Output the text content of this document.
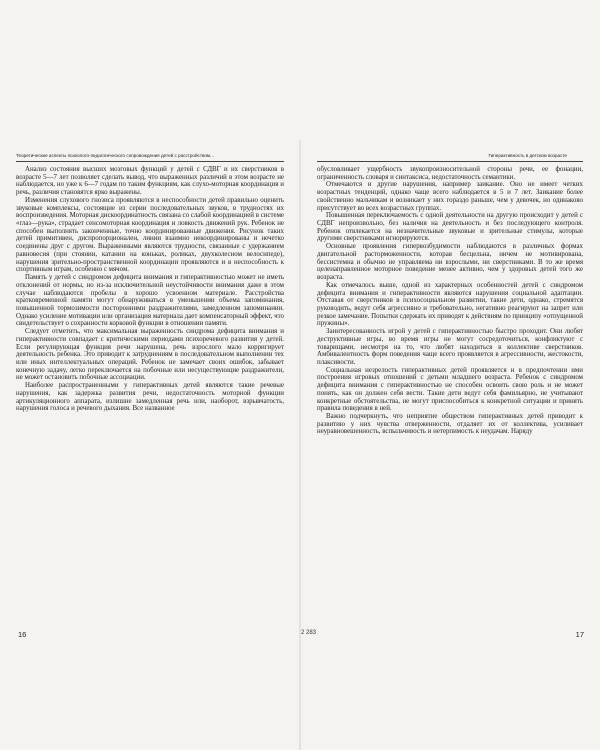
Теоретические аспекты психолого-педагогического сопровождения детей с расстройством...

Анализ состояния высших мозговых функций у детей с СДВГ и их сверстников в возрасте 5—7 лет позволяет сделать вывод, что выраженных различий в этом возрасте не наблюдается, но уже к 6—7 годам по таким функциям, как слухо-моторная координация и речь, различия становятся ярко выражены.

Изменения слухового гнозиса проявляются в неспособности детей правильно оценить звуковые комплексы, состоящие из серии последовательных звуков, в трудностях их воспроизведения. Моторная дискоординатность связана со слабой координацией в системе «глаз—рука», страдает сенсомоторная координация и ловкость движений рук. Ребенок не способен выполнять законченные, точно координированные движения. Рисунок таких детей примитивен, диспропорционален, линии взаимно некоординированы и нечетко соединены друг с другом. Выраженными являются трудности, связанные с удержанием равновесия (при стоянии, катании на коньках, роликах, двухколесном велосипеде), нарушения зрительно-пространственной координации проявляются и в неспособность к спортивным играм, особенно с мячом.

Память у детей с синдромом дефицита внимания и гиперактивностью может не иметь отклонений от нормы, но из-за исключительной неустойчивости внимания даже в этом случае наблюдаются пробелы в хорошо усвоенном материале. Расстройства кратковременной памяти могут обнаруживаться в уменьшении объема запоминания, повышенной тормозимости посторонними раздражителями, замедленном запоминании. Однако усиление мотивации или организация материала дает компенсаторный эффект, что свидетельствует о сохранности корковой функции в отношении памяти.

Следует отметить, что максимальная выраженность синдрома дефицита внимания и гиперактивности совпадает с критическими периодами психоречевого развития у детей. Если регулирующая функция речи нарушена, речь взрослого мало корригирует деятельность ребенка. Это приводит к затруднениям в последовательном выполнении тех или иных интеллектуальных операций. Ребенок не замечает своих ошибок, забывает конечную задачу, легко переключается на побочные или несуществующие раздражители, не может остановить побочные ассоциации.

Наиболее распространенными у гиперактивных детей являются такие речевые нарушения, как задержка развития речи, недостаточность моторной функции артикуляционного аппарата, излишне замедленная речь или, наоборот, взрывчатость, нарушения голоса и речевого дыхания. Все названное

16
Гиперактивность в детском возрасте

обусловливает ущербность звукопроизносительной стороны речи, ее фонации, ограниченность словаря и синтаксиса, недостаточность семантики.

Отмечаются и другие нарушения, например заикание. Оно не имеет четких возрастных тенденций, однако чаще всего наблюдается в 5 и 7 лет. Заикание более свойственно мальчикам и возникает у них гораздо раньше, чем у девочек, но одинаково присутствует во всех возрастных группах.

Повышенная переключаемость с одной деятельности на другую происходит у детей с СДВГ непроизвольно, без наличия на деятельность и без последующего контроля. Ребенок отвлекается на незначительные звуковые и зрительные стимулы, которые другими сверстниками игнорируются.

Основные проявления гипервозбудимости наблюдаются в различных формах двигательной расторможенности, которая бесцельна, ничем не мотивирована, бессистемна и обычно не управляема ни взрослыми, ни сверстниками. В то же время целенаправленное моторное поведение менее активно, чем у здоровых детей того же возраста.

Как отмечалось выше, одной из характерных особенностей детей с синдромом дефицита внимания и гиперактивности являются нарушения социальной адаптации. Отставая от сверстников в психосоциальном развитии, такие дети, однако, стремятся руководить, ведут себя агрессивно и требовательно, негативно реагируют на запрет или резкое замечание. Попытки сдержать их приводят к действиям по принципу «отпущенной пружины».

Заинтересованность игрой у детей с гиперактивностью быстро проходит. Они любят деструктивные игры, во время игры не могут сосредоточиться, конфликтуют с товарищами, несмотря на то, что любят находиться в коллективе сверстников. Амбивалентность форм поведения чаще всего проявляется в агрессивности, жестокости, плаксивости.

Социальная незрелость гиперактивных детей проявляется и в предпочтении ими построения игровых отношений с детьми младшего возраста. Ребенок с синдромом дефицита внимания с гиперактивностью не способен освоить свою роль и не может понять, как он должен себя вести. Такие дети ведут себя фамильярно, не учитывают конкретные обстоятельства, не могут приспособиться к конкретной ситуации и принять правила поведения в ней.

Важно подчеркнуть, что неприятие обществом гиперактивных детей приводит к развитию у них чувства отверженности, отдаляет их от коллектива, усиливает неуравновешенность, вспыльчивость и нетерпимость к неудачам. Нарядy

2 283	17
